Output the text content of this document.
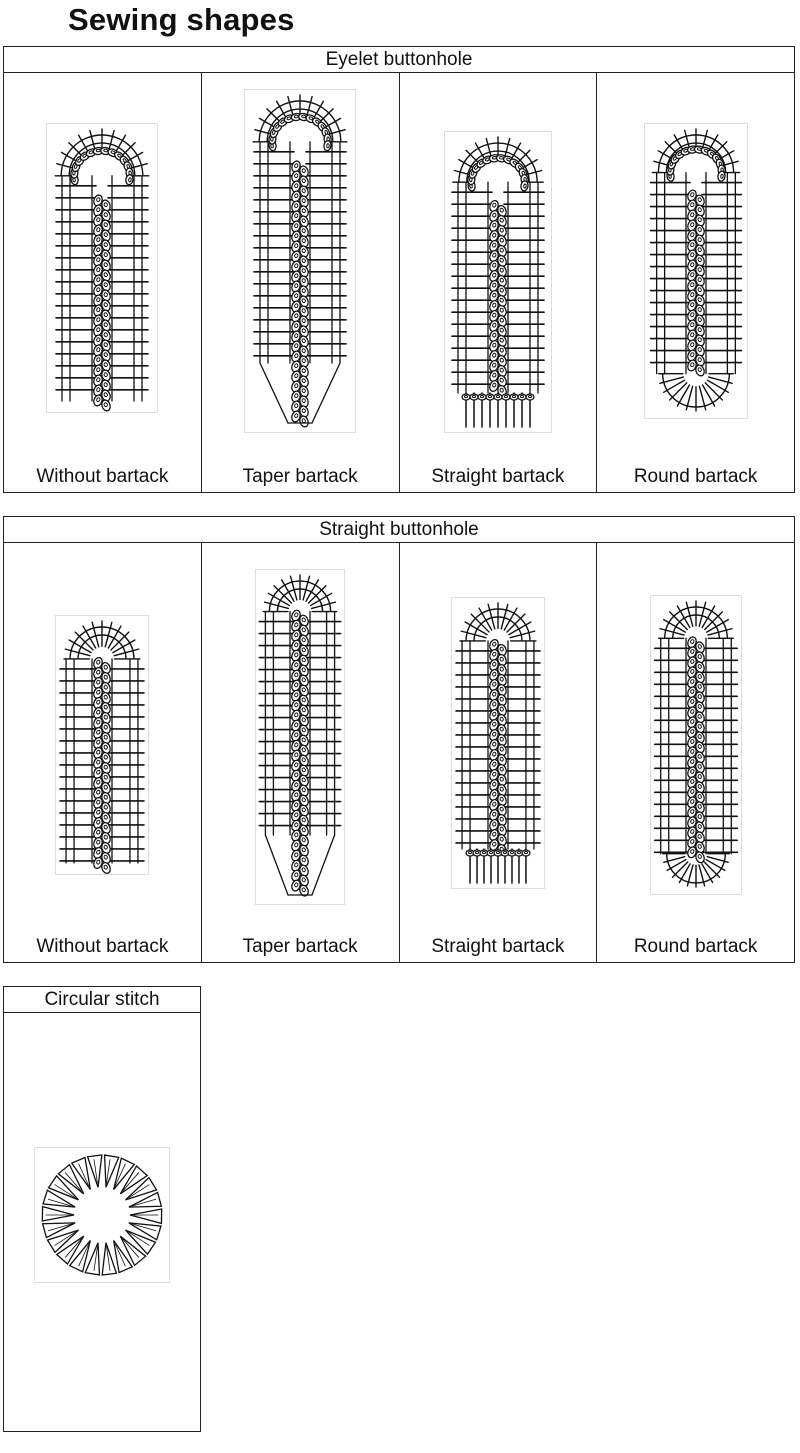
Sewing shapes
Eyelet buttonhole
Without bartack	Taper bartack	Straight bartack	Round bartack
Straight buttonhole
Without bartack	Taper bartack	Straight bartack	Round bartack
Circular stitch
